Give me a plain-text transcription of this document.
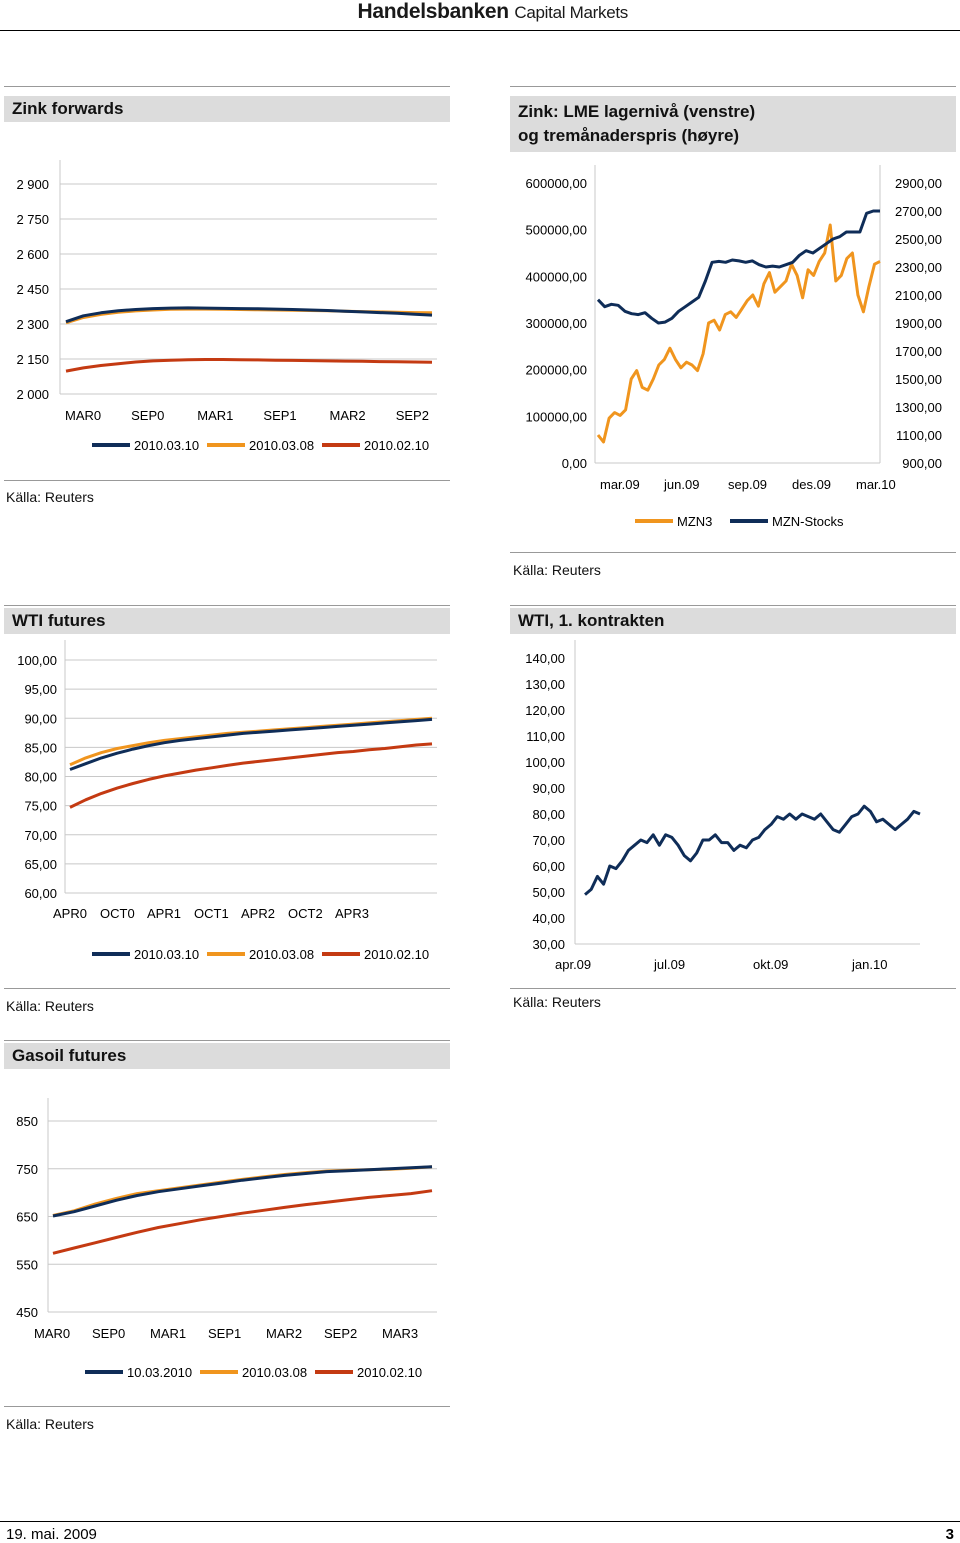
Handelsbanken Capital Markets
Zink forwards	Zink: LME lagernivå (venstre)
og tremånaderspris (høyre)
2 900
2 750
2 600
2 450
2 300
2 150
2 000
MAR0 SEP0	MAR1 SEP1	MAR2 SEP2
2010.03.10	2010.03.08	2010.02.10
600000,00
500000,00
400000,00
300000,00
200000,00
100000,00
0,00
2900,00
2700,00
2500,00
2300,00
2100,00
1900,00
1700,00
1500,00
1300,00
1100,00
900,00
mar.09 jun.09 sep.09 des.09 mar.10
MZN3	MZN-Stocks
Källa: Reuters
Källa: Reuters
WTI futures	WTI, 1. kontrakten
100,00
95,00
90,00
85,00
80,00
75,00
70,00
65,00
60,00
APR0 OCT0 APR1 OCT1 APR2 OCT2 APR3
2010.03.10	2010.03.08	2010.02.10
140,00
130,00
120,00
110,00
100,00
90,00
80,00
70,00
60,00
50,00
40,00
30,00
apr.09	jul.09	okt.09	jan.10
Källa: Reuters	Källa: Reuters
Gasoil futures
850
750
650
550
450
MAR0 SEP0 MAR1 SEP1 MAR2 SEP2 MAR3
10.03.2010	2010.03.08	2010.02.10
Källa: Reuters
19. mai. 2009	3
